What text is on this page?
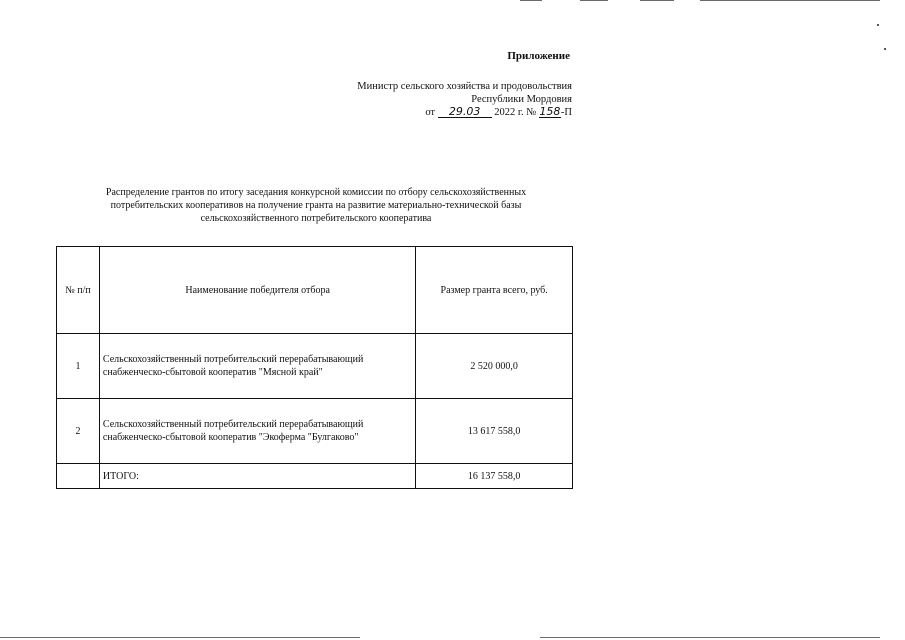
Приложение
Министр сельского хозяйства и продовольствия
Республики Мордовия
от 29.03 2022 г. № 158-П
Распределение грантов по итогу заседания конкурсной комиссии по отбору сельскохозяйственных
потребительских кооперативов на получение гранта на развитие материально-технической базы
сельскохозяйственного потребительского кооператива
№ п/п	Наименование победителя отбора	Размер гранта всего, руб.
1	Сельскохозяйственный потребительский перерабатывающий
снабженческо-сбытовой кооператив "Мясной край"	2 520 000,0
2	Сельскохозяйственный потребительский перерабатывающий
снабженческо-сбытовой кооператив "Экоферма "Булгаково"	13 617 558,0
	ИТОГО:	16 137 558,0
